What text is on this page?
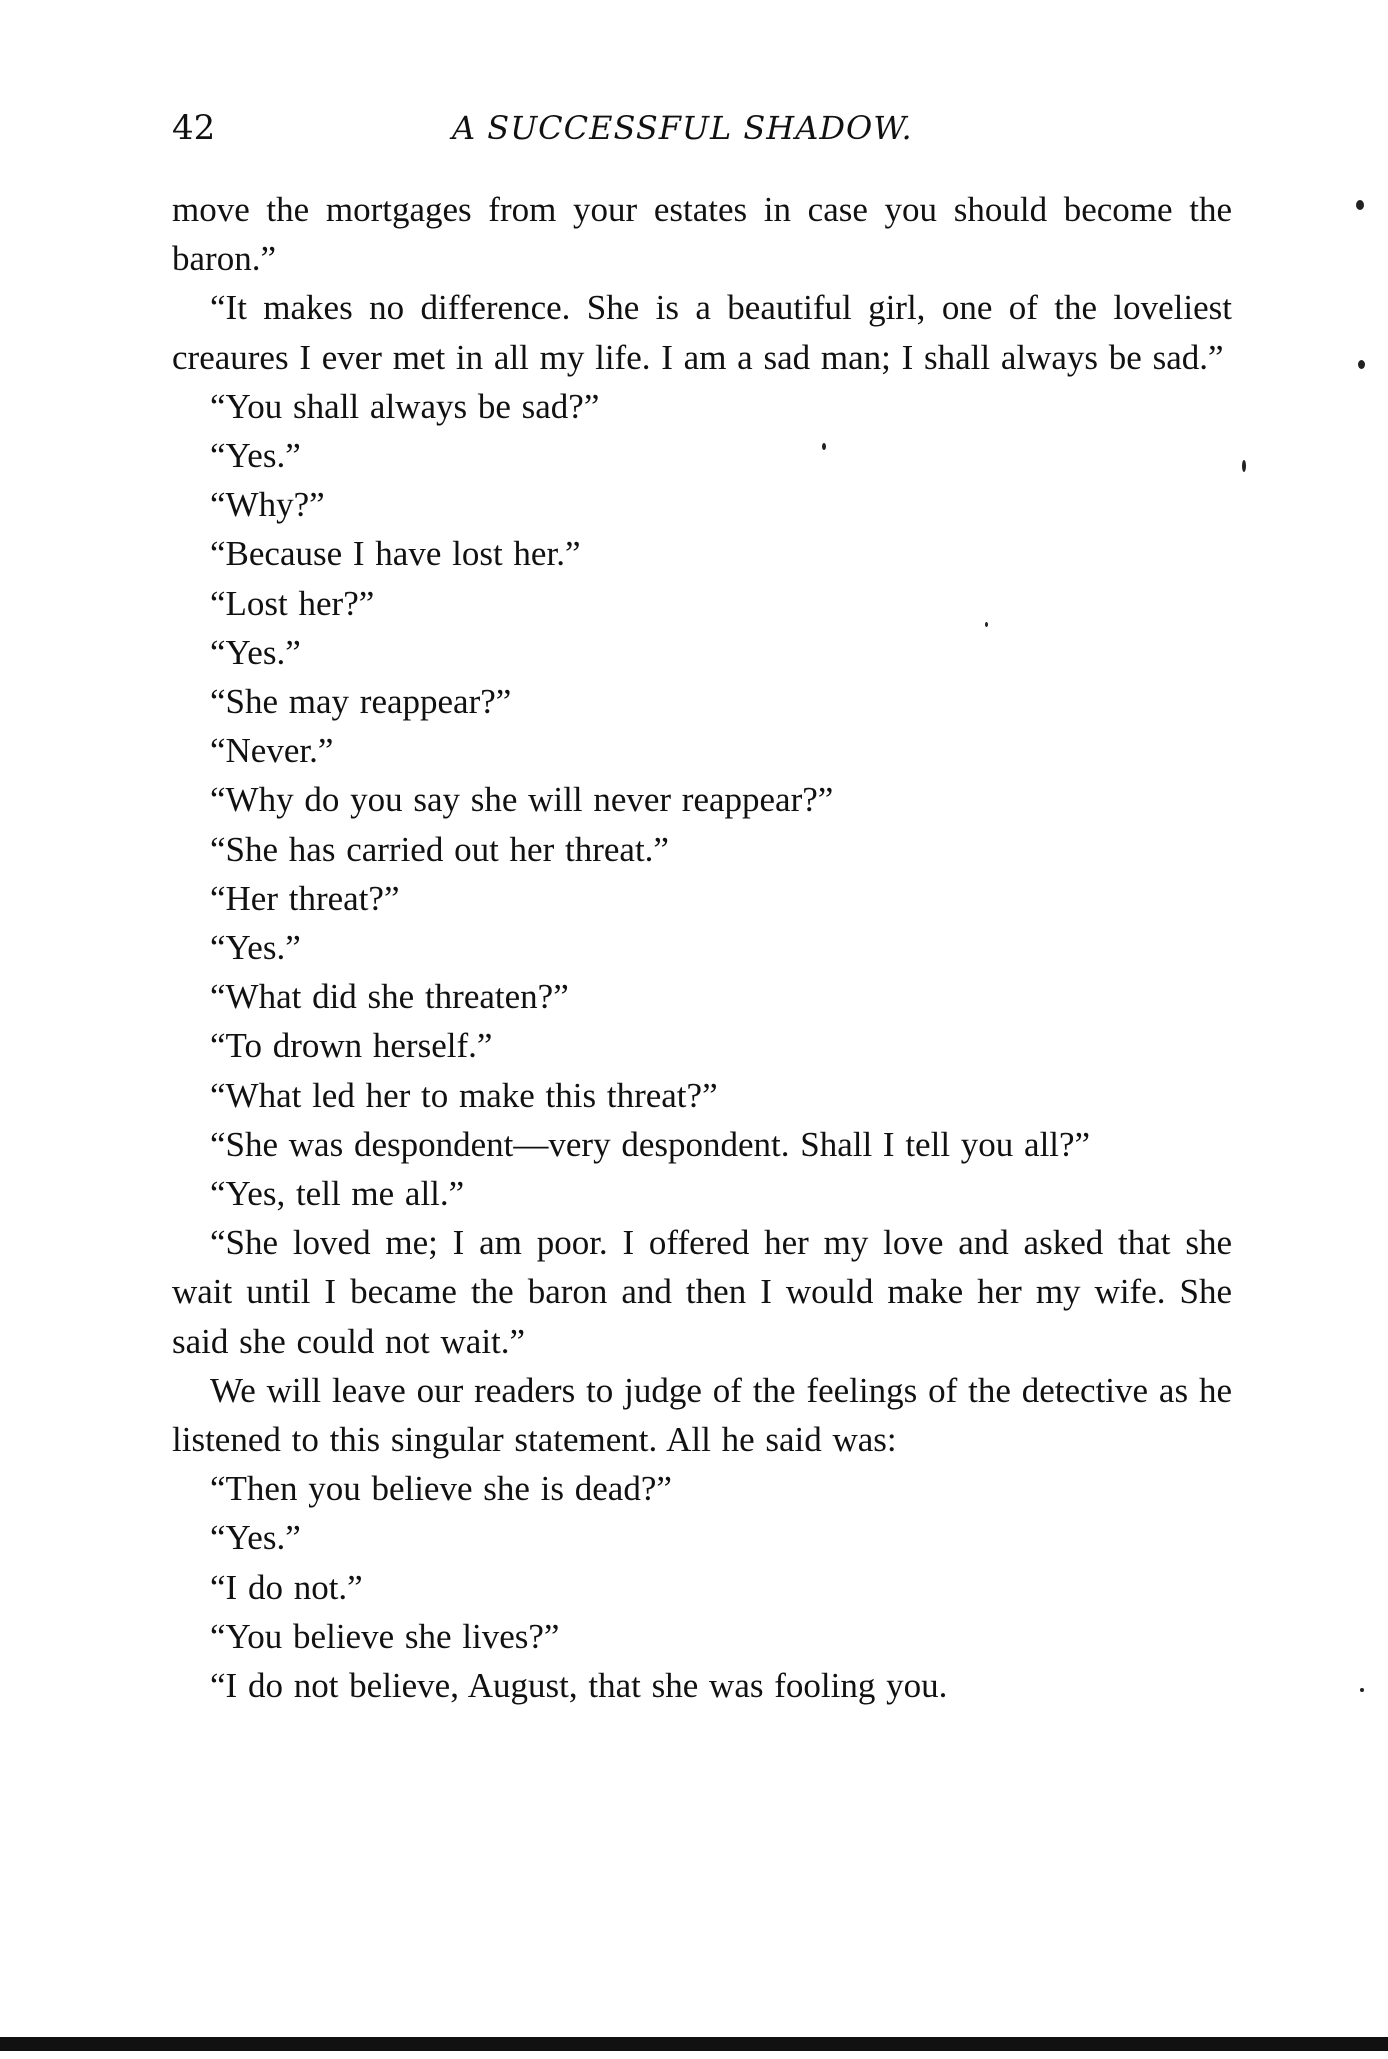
42	A SUCCESSFUL SHADOW.

move the mortgages from your estates in case you should become the baron.”

“It makes no difference. She is a beautiful girl, one of the loveliest creaures I ever met in all my life. I am a sad man; I shall always be sad.”

“You shall always be sad?”

“Yes.”

“Why?”

“Because I have lost her.”

“Lost her?”

“Yes.”

“She may reappear?”

“Never.”

“Why do you say she will never reappear?”

“She has carried out her threat.”

“Her threat?”

“Yes.”

“What did she threaten?”

“To drown herself.”

“What led her to make this threat?”

“She was despondent—very despondent. Shall I tell you all?”

“Yes, tell me all.”

“She loved me; I am poor. I offered her my love and asked that she wait until I became the baron and then I would make her my wife. She said she could not wait.”

We will leave our readers to judge of the feelings of the detective as he listened to this singular statement. All he said was:

“Then you believe she is dead?”

“Yes.”

“I do not.”

“You believe she lives?”

“I do not believe, August, that she was fooling you.
